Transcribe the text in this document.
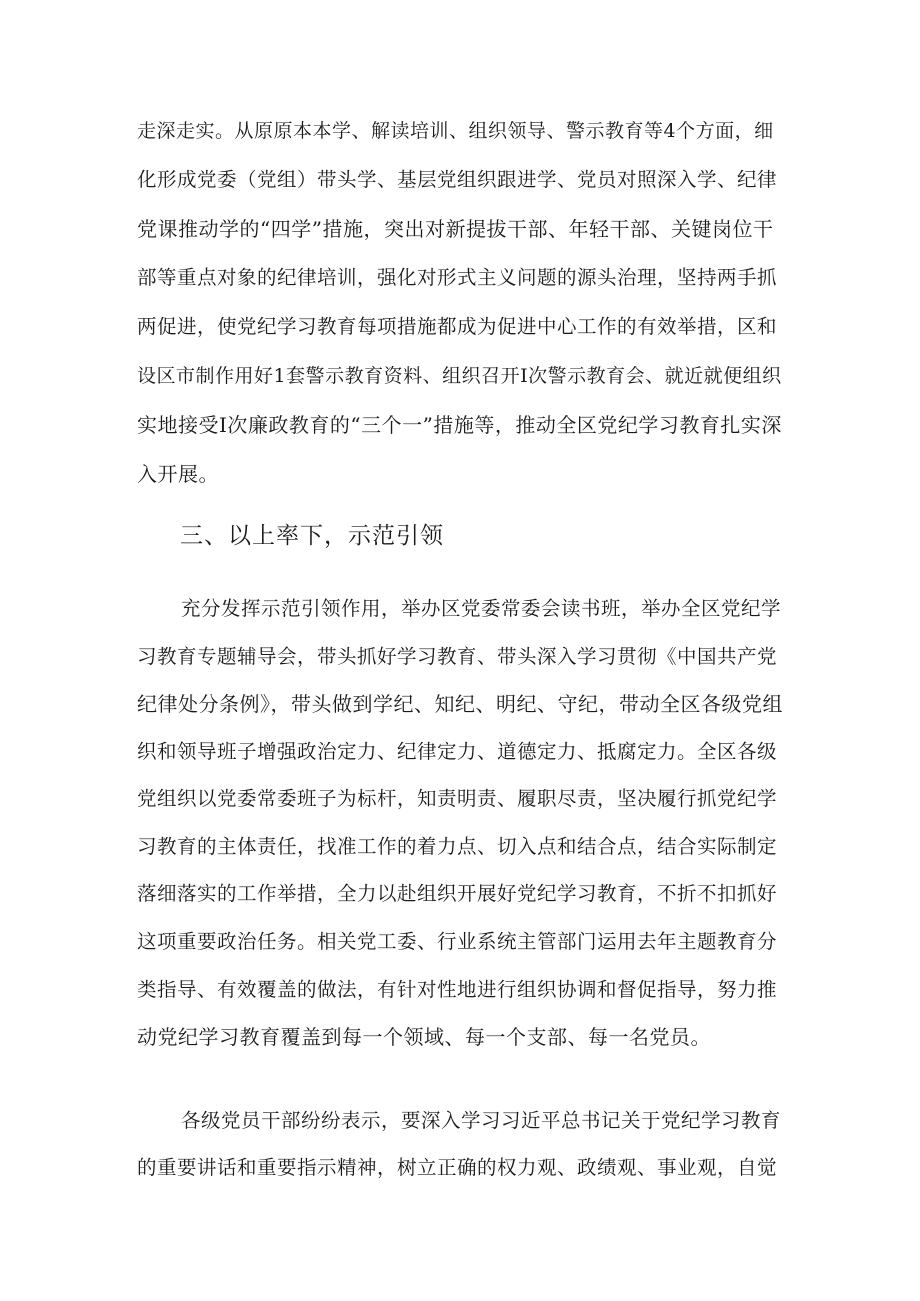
走深走实。从原原本本学、解读培训、组织领导、警示教育等4个方面，细
化形成党委（党组）带头学、基层党组织跟进学、党员对照深入学、纪律
党课推动学的“四学”措施，突出对新提拔干部、年轻干部、关键岗位干
部等重点对象的纪律培训，强化对形式主义问题的源头治理，坚持两手抓
两促进，使党纪学习教育每项措施都成为促进中心工作的有效举措，区和
设区市制作用好1套警示教育资料、组织召开I次警示教育会、就近就便组织
实地接受I次廉政教育的“三个一”措施等，推动全区党纪学习教育扎实深
入开展。
三、以上率下，示范引领
充分发挥示范引领作用，举办区党委常委会读书班，举办全区党纪学
习教育专题辅导会，带头抓好学习教育、带头深入学习贯彻《中国共产党
纪律处分条例》，带头做到学纪、知纪、明纪、守纪，带动全区各级党组
织和领导班子增强政治定力、纪律定力、道德定力、抵腐定力。全区各级
党组织以党委常委班子为标杆，知责明责、履职尽责，坚决履行抓党纪学
习教育的主体责任，找准工作的着力点、切入点和结合点，结合实际制定
落细落实的工作举措，全力以赴组织开展好党纪学习教育，不折不扣抓好
这项重要政治任务。相关党工委、行业系统主管部门运用去年主题教育分
类指导、有效覆盖的做法，有针对性地进行组织协调和督促指导，努力推
动党纪学习教育覆盖到每一个领域、每一个支部、每一名党员。
各级党员干部纷纷表示，要深入学习习近平总书记关于党纪学习教育
的重要讲话和重要指示精神，树立正确的权力观、政绩观、事业观，自觉
